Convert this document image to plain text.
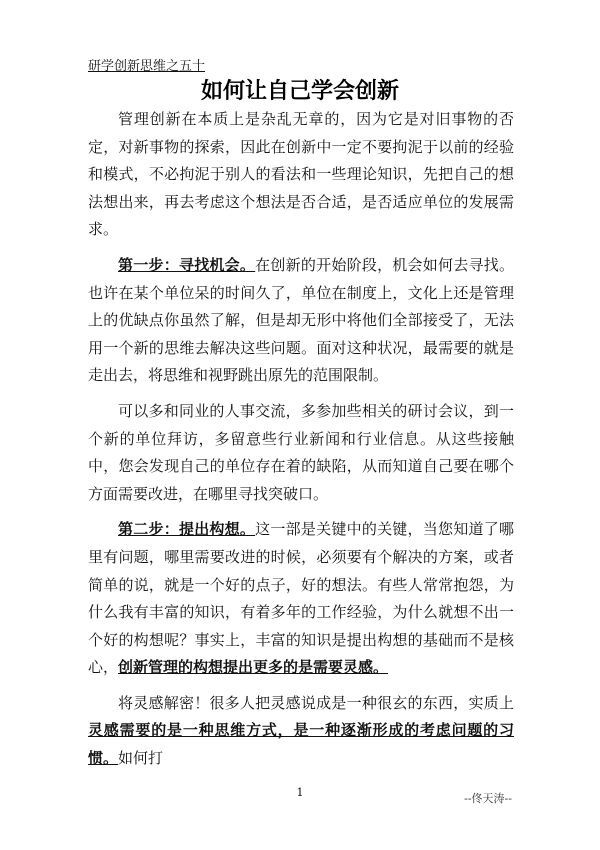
研学创新思维之五十
如何让自己学会创新

管理创新在本质上是杂乱无章的，因为它是对旧事物的否定，对新事物的探索，因此在创新中一定不要拘泥于以前的经验和模式，不必拘泥于别人的看法和一些理论知识，先把自己的想法想出来，再去考虑这个想法是否合适，是否适应单位的发展需求。

第一步：寻找机会。在创新的开始阶段，机会如何去寻找。也许在某个单位呆的时间久了，单位在制度上，文化上还是管理上的优缺点你虽然了解，但是却无形中将他们全部接受了，无法用一个新的思维去解决这些问题。面对这种状况，最需要的就是走出去，将思维和视野跳出原先的范围限制。

可以多和同业的人事交流，多参加些相关的研讨会议，到一个新的单位拜访，多留意些行业新闻和行业信息。从这些接触中，您会发现自己的单位存在着的缺陷，从而知道自己要在哪个方面需要改进，在哪里寻找突破口。

第二步：提出构想。这一部是关键中的关键，当您知道了哪里有问题，哪里需要改进的时候，必须要有个解决的方案，或者简单的说，就是一个好的点子，好的想法。有些人常常抱怨，为什么我有丰富的知识，有着多年的工作经验，为什么就想不出一个好的构想呢？事实上，丰富的知识是提出构想的基础而不是核心，创新管理的构想提出更多的是需要灵感。

将灵感解密！很多人把灵感说成是一种很玄的东西，实质上灵感需要的是一种思维方式，是一种逐渐形成的考虑问题的习惯。如何打

1	--佟天涛--
